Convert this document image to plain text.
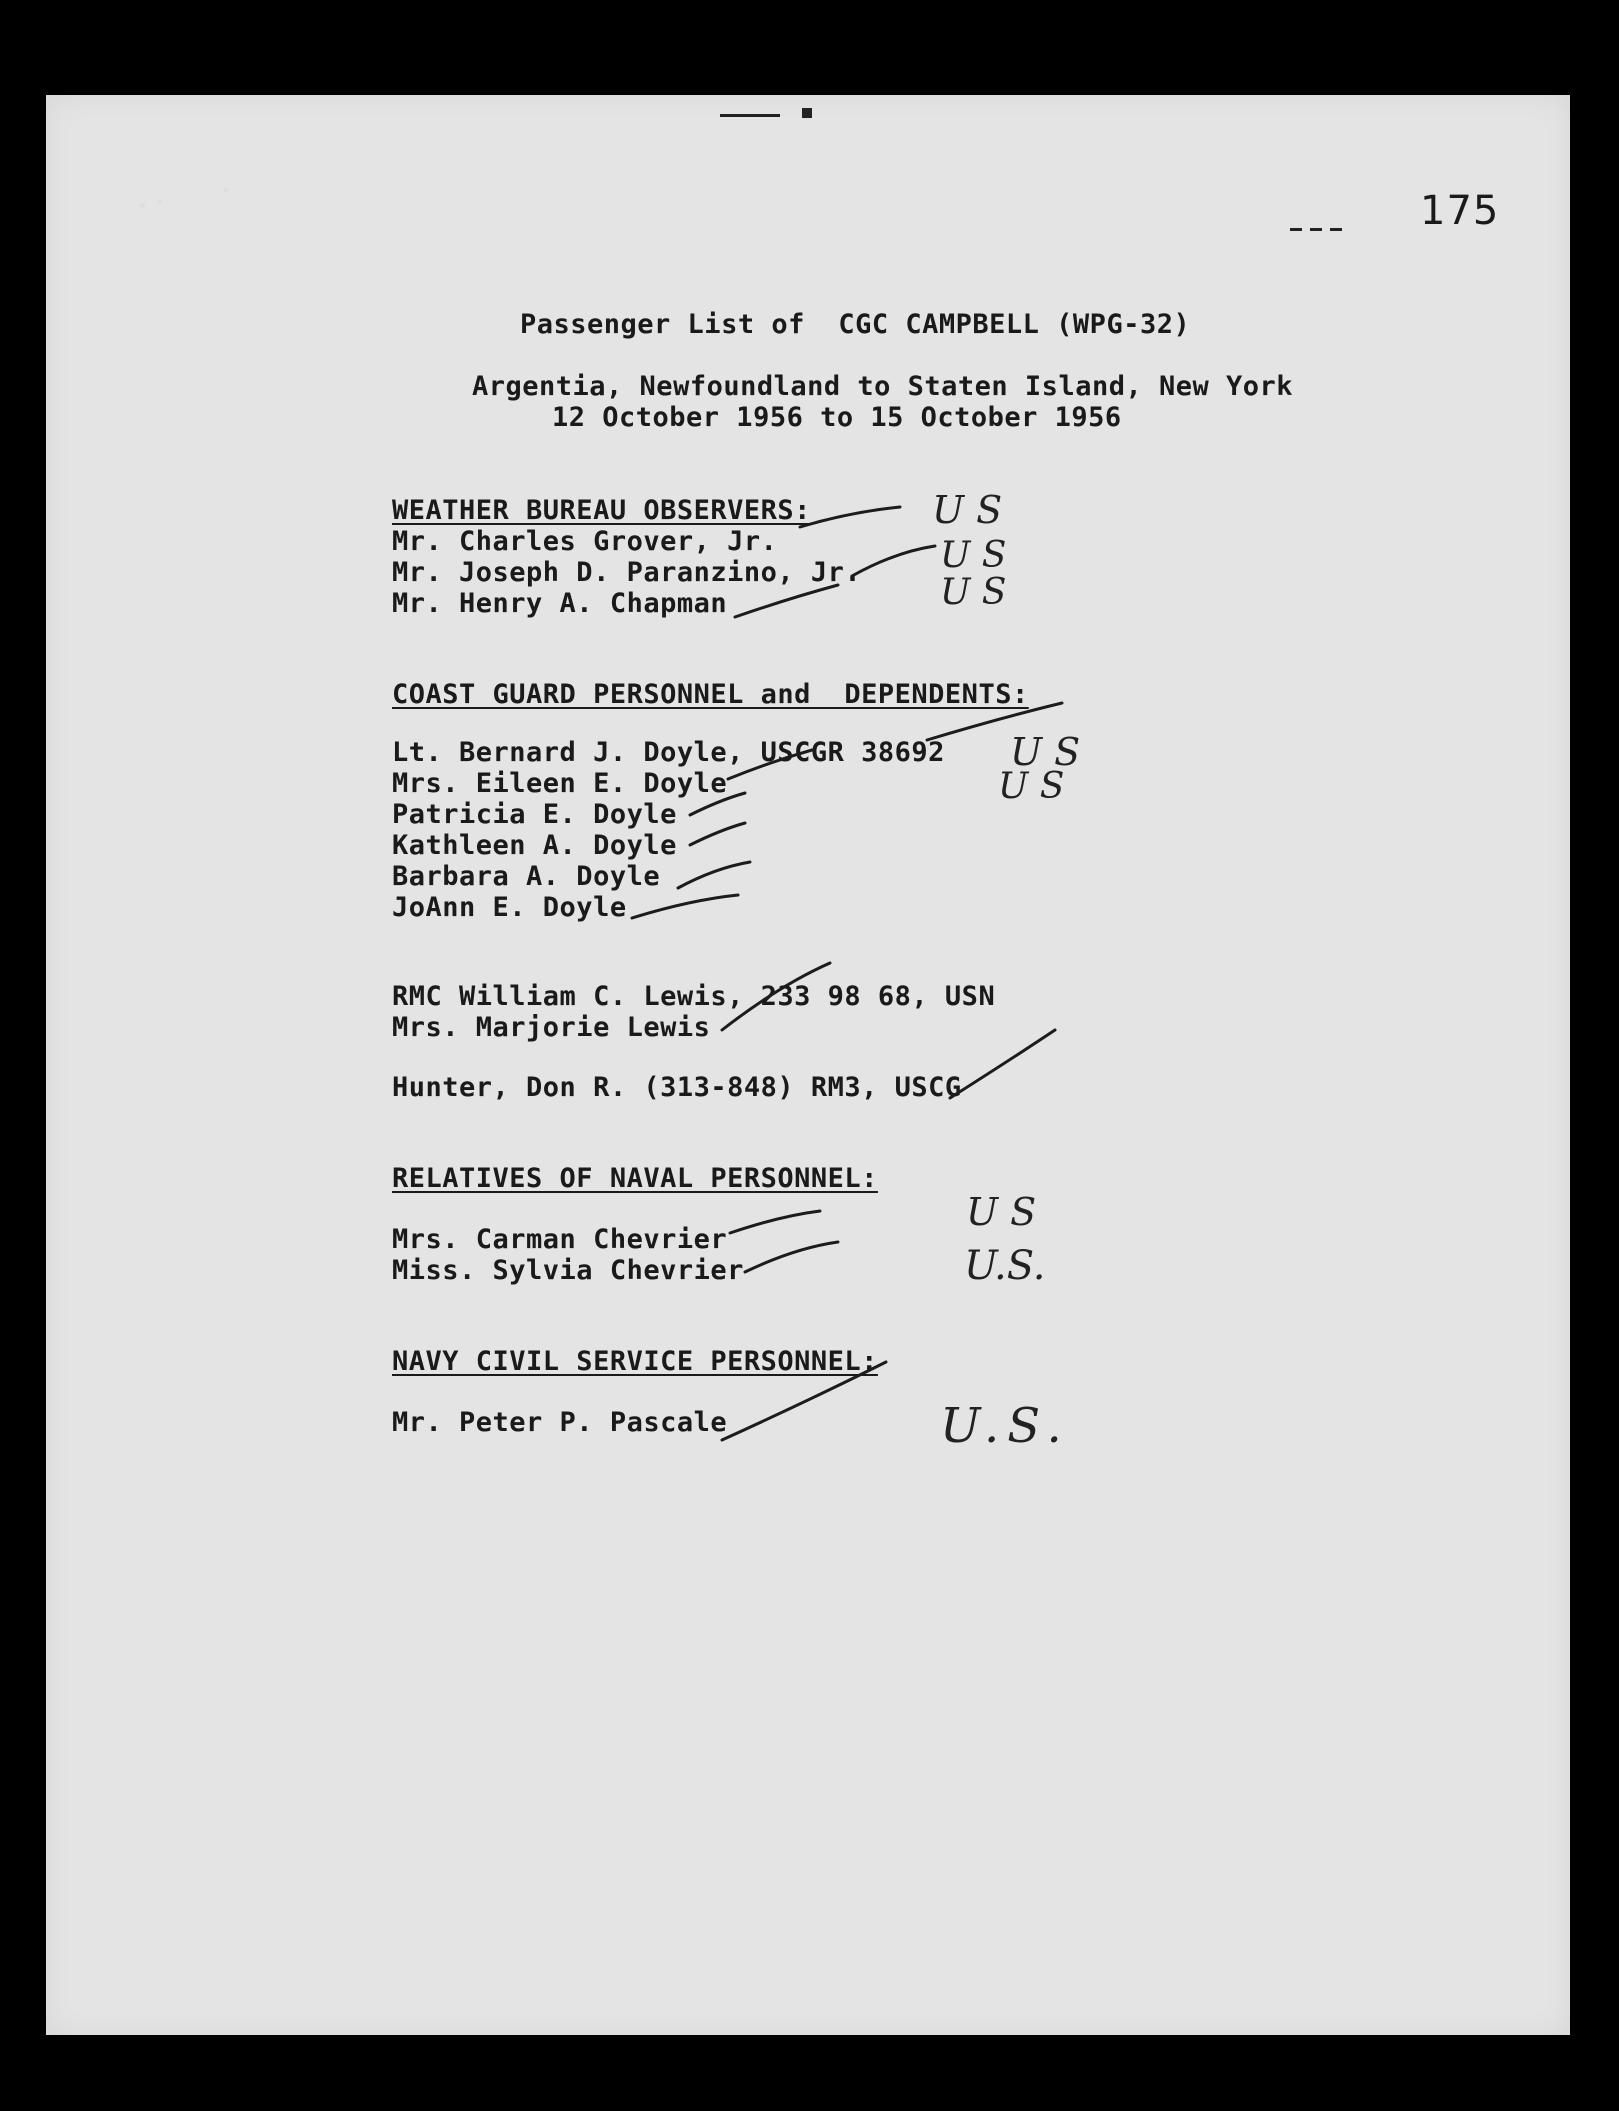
175
Passenger List of  CGC CAMPBELL (WPG-32)
Argentia, Newfoundland to Staten Island, New York
12 October 1956 to 15 October 1956
WEATHER BUREAU OBSERVERS:
Mr. Charles Grover, Jr.
Mr. Joseph D. Paranzino, Jr.
Mr. Henry A. Chapman
COAST GUARD PERSONNEL and  DEPENDENTS:
Lt. Bernard J. Doyle, USCGR 38692
Mrs. Eileen E. Doyle
Patricia E. Doyle
Kathleen A. Doyle
Barbara A. Doyle
JoAnn E. Doyle
RMC William C. Lewis, 233 98 68, USN
Mrs. Marjorie Lewis
Hunter, Don R. (313-848) RM3, USCG
RELATIVES OF NAVAL PERSONNEL:
Mrs. Carman Chevrier
Miss. Sylvia Chevrier
NAVY CIVIL SERVICE PERSONNEL:
Mr. Peter P. Pascale
U S
U S
U S
U S
U S
U S
U.S.
U.S.
